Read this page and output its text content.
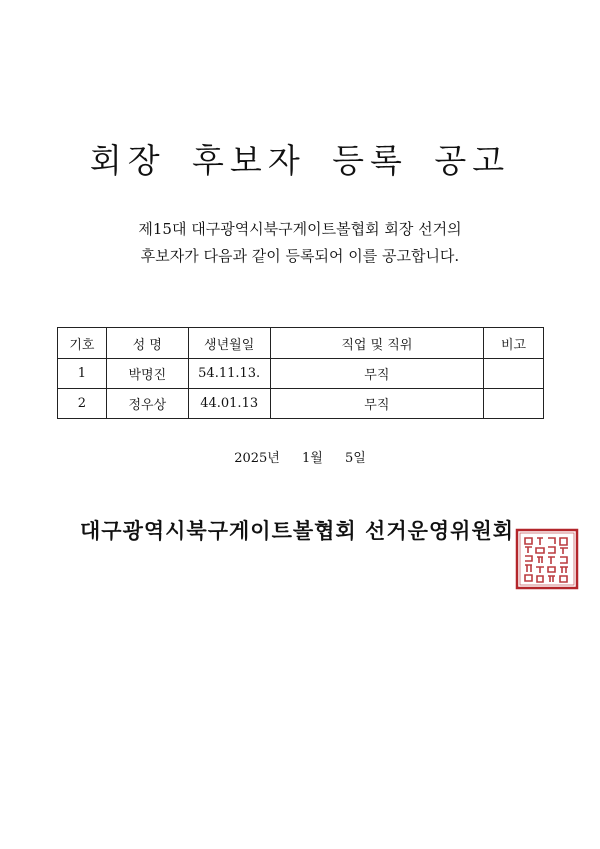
회장 후보자 등록 공고
제15대 대구광역시북구게이트볼협회 회장 선거의
후보자가 다음과 같이 등록되어 이를 공고합니다.
기호	성 명	생년월일	직업 및 직위	비고
1	박명진	54.11.13.	무직	
2	정우상	44.01.13	무직	
2025년 1월 5일
대구광역시북구게이트볼협회 선거운영위원회
